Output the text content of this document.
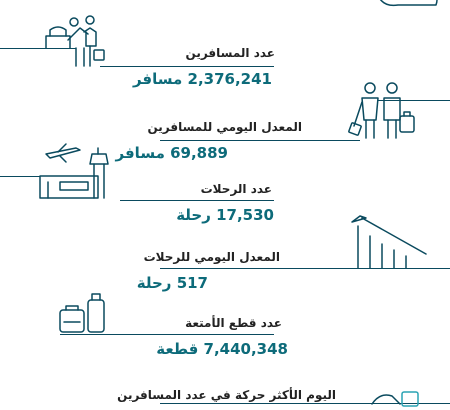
عدد المسافرين
2,376,241 مسافر
المعدل اليومي للمسافرين
69,889 مسافر
عدد الرحلات
17,530 رحلة
المعدل اليومي للرحلات
517 رحلة
عدد قطع الأمتعة
7,440,348 قطعة
اليوم الأكثر حركة في عدد المسافرين
